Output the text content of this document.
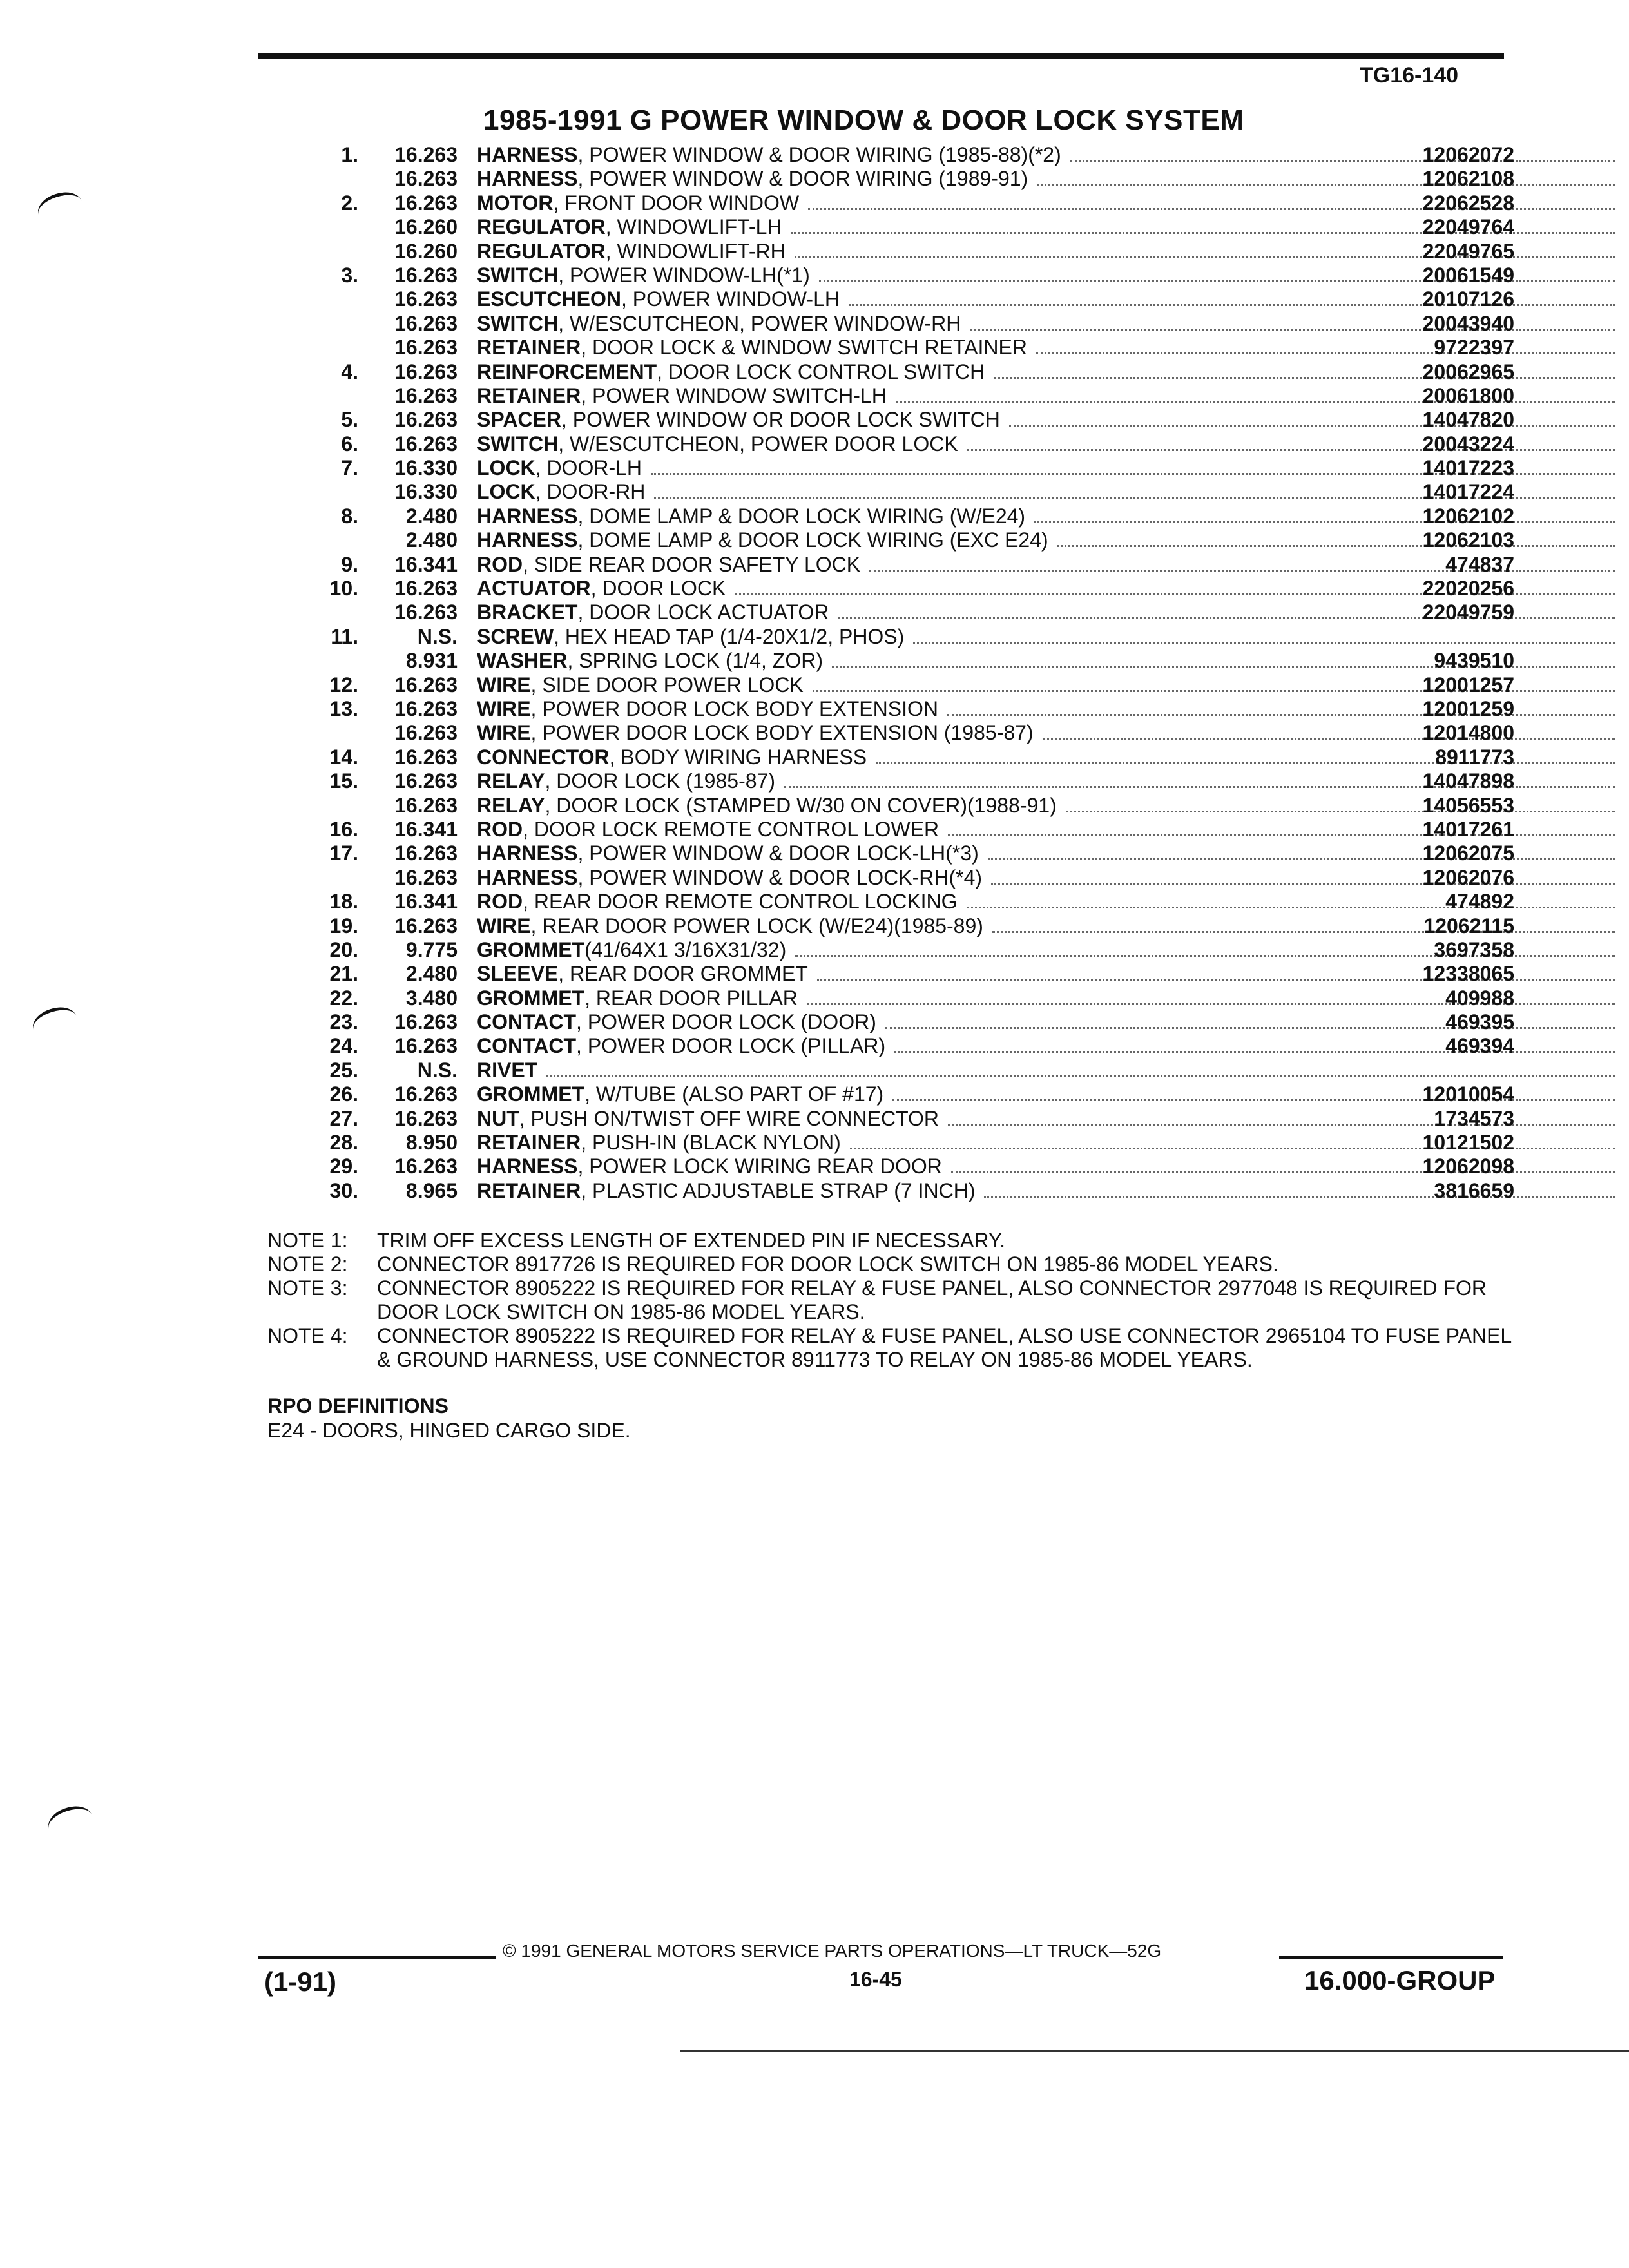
TG16-140
1985-1991 G POWER WINDOW & DOOR LOCK SYSTEM
1.	16.263 HARNESS , POWER WINDOW & DOOR WIRING (1985-88)(*2)	12062072
16.263 HARNESS , POWER WINDOW & DOOR WIRING (1989-91)	12062108
2.	16.263 MOTOR , FRONT DOOR WINDOW	22062528
16.260 REGULATOR , WINDOWLIFT-LH	22049764
16.260 REGULATOR , WINDOWLIFT-RH	22049765
3.	16.263 SWITCH , POWER WINDOW-LH(*1)	20061549
16.263 ESCUTCHEON , POWER WINDOW-LH	20107126
16.263 SWITCH , W/ESCUTCHEON, POWER WINDOW-RH	20043940
16.263 RETAINER , DOOR LOCK & WINDOW SWITCH RETAINER	9722397
4.	16.263 REINFORCEMENT , DOOR LOCK CONTROL SWITCH	20062965
16.263 RETAINER , POWER WINDOW SWITCH-LH	20061800
5.	16.263 SPACER , POWER WINDOW OR DOOR LOCK SWITCH	14047820
6.	16.263 SWITCH , W/ESCUTCHEON, POWER DOOR LOCK	20043224
7.	16.330 LOCK , DOOR-LH	14017223
16.330 LOCK , DOOR-RH	14017224
8.	2.480 HARNESS , DOME LAMP & DOOR LOCK WIRING (W/E24)	12062102
2.480 HARNESS , DOME LAMP & DOOR LOCK WIRING (EXC E24)	12062103
9.	16.341 ROD , SIDE REAR DOOR SAFETY LOCK	474837
10.	16.263 ACTUATOR , DOOR LOCK	22020256
16.263 BRACKET , DOOR LOCK ACTUATOR	22049759
11.	N.S. SCREW , HEX HEAD TAP (1/4-20X1/2, PHOS)
8.931 WASHER , SPRING LOCK (1/4, ZOR)	9439510
12.	16.263 WIRE , SIDE DOOR POWER LOCK	12001257
13.	16.263 WIRE , POWER DOOR LOCK BODY EXTENSION	12001259
16.263 WIRE , POWER DOOR LOCK BODY EXTENSION (1985-87)	12014800
14.	16.263 CONNECTOR , BODY WIRING HARNESS	8911773
15.	16.263 RELAY , DOOR LOCK (1985-87)	14047898
16.263 RELAY , DOOR LOCK (STAMPED W/30 ON COVER)(1988-91)	14056553
16.	16.341 ROD , DOOR LOCK REMOTE CONTROL LOWER	14017261
17.	16.263 HARNESS , POWER WINDOW & DOOR LOCK-LH(*3)	12062075
16.263 HARNESS , POWER WINDOW & DOOR LOCK-RH(*4)	12062076
18.	16.341 ROD , REAR DOOR REMOTE CONTROL LOCKING	474892
19.	16.263 WIRE , REAR DOOR POWER LOCK (W/E24)(1985-89)	12062115
20.	9.775 GROMMET (41/64X1 3/16X31/32)	3697358
21.	2.480 SLEEVE , REAR DOOR GROMMET	12338065
22.	3.480 GROMMET , REAR DOOR PILLAR	409988
23.	16.263 CONTACT , POWER DOOR LOCK (DOOR)	469395
24.	16.263 CONTACT , POWER DOOR LOCK (PILLAR)	469394
25.	N.S. RIVET
26.	16.263 GROMMET , W/TUBE (ALSO PART OF #17)	12010054
27.	16.263 NUT , PUSH ON/TWIST OFF WIRE CONNECTOR	1734573
28.	8.950 RETAINER , PUSH-IN (BLACK NYLON)	10121502
29.	16.263 HARNESS , POWER LOCK WIRING REAR DOOR	12062098
30.	8.965 RETAINER , PLASTIC ADJUSTABLE STRAP (7 INCH)	3816659
NOTE 1:	TRIM OFF EXCESS LENGTH OF EXTENDED PIN IF NECESSARY.
NOTE 2:	CONNECTOR 8917726 IS REQUIRED FOR DOOR LOCK SWITCH ON 1985-86 MODEL YEARS.
NOTE 3:	CONNECTOR 8905222 IS REQUIRED FOR RELAY & FUSE PANEL, ALSO CONNECTOR 2977048 IS REQUIRED FOR DOOR LOCK SWITCH ON 1985-86 MODEL YEARS.
NOTE 4:	CONNECTOR 8905222 IS REQUIRED FOR RELAY & FUSE PANEL, ALSO USE CONNECTOR 2965104 TO FUSE PANEL & GROUND HARNESS, USE CONNECTOR 8911773 TO RELAY ON 1985-86 MODEL YEARS.
RPO DEFINITIONS
E24 - DOORS, HINGED CARGO SIDE.
© 1991 GENERAL MOTORS SERVICE PARTS OPERATIONS—LT TRUCK—52G
(1-91)	16-45	16.000-GROUP
